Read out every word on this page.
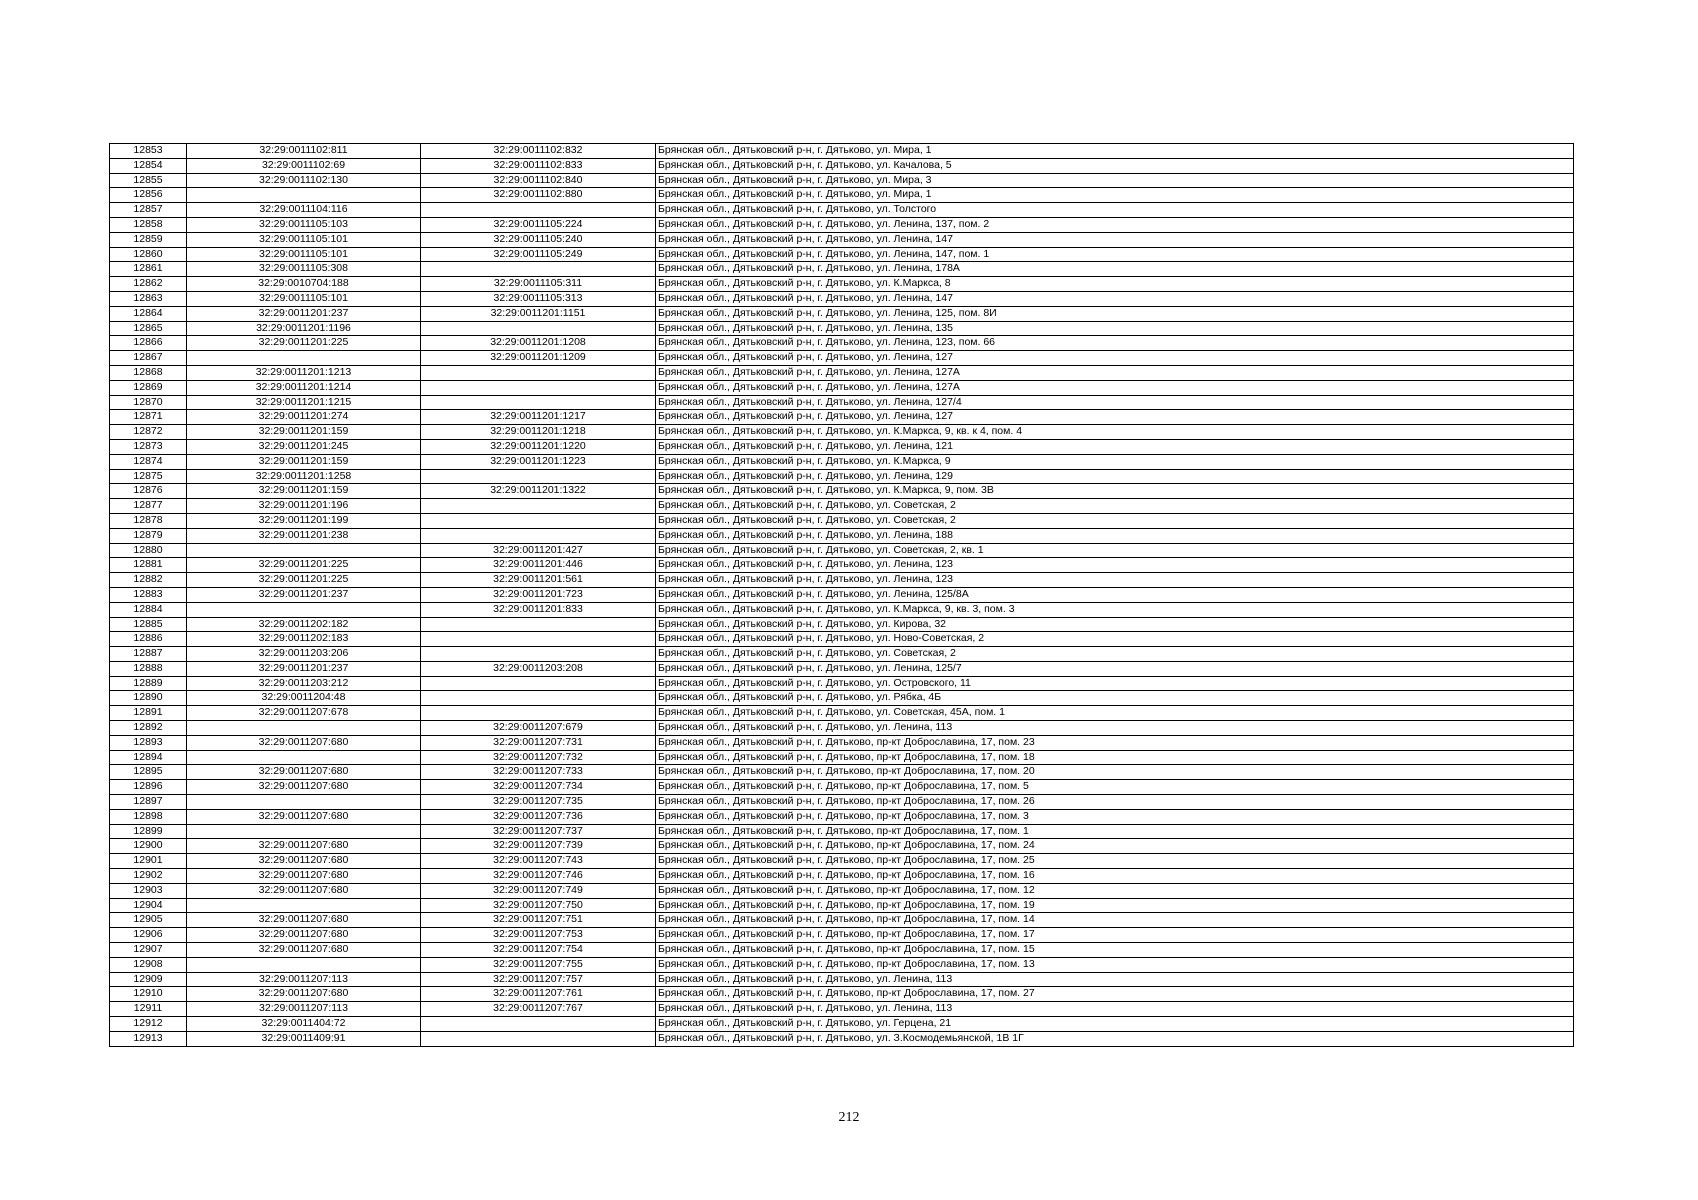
12853	32:29:0011102:811	32:29:0011102:832	Брянская обл., Дятьковский р-н, г. Дятьково, ул. Мира, 1
12854	32:29:0011102:69	32:29:0011102:833	Брянская обл., Дятьковский р-н, г. Дятьково, ул. Качалова, 5
12855	32:29:0011102:130	32:29:0011102:840	Брянская обл., Дятьковский р-н, г. Дятьково, ул. Мира, 3
12856		32:29:0011102:880	Брянская обл., Дятьковский р-н, г. Дятьково, ул. Мира, 1
12857	32:29:0011104:116		Брянская обл., Дятьковский р-н, г. Дятьково, ул. Толстого
12858	32:29:0011105:103	32:29:0011105:224	Брянская обл., Дятьковский р-н, г. Дятьково, ул. Ленина, 137, пом. 2
12859	32:29:0011105:101	32:29:0011105:240	Брянская обл., Дятьковский р-н, г. Дятьково, ул. Ленина, 147
12860	32:29:0011105:101	32:29:0011105:249	Брянская обл., Дятьковский р-н, г. Дятьково, ул. Ленина, 147, пом. 1
12861	32:29:0011105:308		Брянская обл., Дятьковский р-н, г. Дятьково, ул. Ленина, 178А
12862	32:29:0010704:188	32:29:0011105:311	Брянская обл., Дятьковский р-н, г. Дятьково, ул. К.Маркса, 8
12863	32:29:0011105:101	32:29:0011105:313	Брянская обл., Дятьковский р-н, г. Дятьково, ул. Ленина, 147
12864	32:29:0011201:237	32:29:0011201:1151	Брянская обл., Дятьковский р-н, г. Дятьково, ул. Ленина, 125, пом. 8И
12865	32:29:0011201:1196		Брянская обл., Дятьковский р-н, г. Дятьково, ул. Ленина, 135
12866	32:29:0011201:225	32:29:0011201:1208	Брянская обл., Дятьковский р-н, г. Дятьково, ул. Ленина, 123, пом. 66
12867		32:29:0011201:1209	Брянская обл., Дятьковский р-н, г. Дятьково, ул. Ленина, 127
12868	32:29:0011201:1213		Брянская обл., Дятьковский р-н, г. Дятьково, ул. Ленина, 127А
12869	32:29:0011201:1214		Брянская обл., Дятьковский р-н, г. Дятьково, ул. Ленина, 127А
12870	32:29:0011201:1215		Брянская обл., Дятьковский р-н, г. Дятьково, ул. Ленина, 127/4
12871	32:29:0011201:274	32:29:0011201:1217	Брянская обл., Дятьковский р-н, г. Дятьково, ул. Ленина, 127
12872	32:29:0011201:159	32:29:0011201:1218	Брянская обл., Дятьковский р-н, г. Дятьково, ул. К.Маркса, 9, кв. к 4, пом. 4
12873	32:29:0011201:245	32:29:0011201:1220	Брянская обл., Дятьковский р-н, г. Дятьково, ул. Ленина, 121
12874	32:29:0011201:159	32:29:0011201:1223	Брянская обл., Дятьковский р-н, г. Дятьково, ул. К.Маркса, 9
12875	32:29:0011201:1258		Брянская обл., Дятьковский р-н, г. Дятьково, ул. Ленина, 129
12876	32:29:0011201:159	32:29:0011201:1322	Брянская обл., Дятьковский р-н, г. Дятьково, ул. К.Маркса, 9, пом. 3В
12877	32:29:0011201:196		Брянская обл., Дятьковский р-н, г. Дятьково, ул. Советская, 2
12878	32:29:0011201:199		Брянская обл., Дятьковский р-н, г. Дятьково, ул. Советская, 2
12879	32:29:0011201:238		Брянская обл., Дятьковский р-н, г. Дятьково, ул. Ленина, 188
12880		32:29:0011201:427	Брянская обл., Дятьковский р-н, г. Дятьково, ул. Советская, 2, кв. 1
12881	32:29:0011201:225	32:29:0011201:446	Брянская обл., Дятьковский р-н, г. Дятьково, ул. Ленина, 123
12882	32:29:0011201:225	32:29:0011201:561	Брянская обл., Дятьковский р-н, г. Дятьково, ул. Ленина, 123
12883	32:29:0011201:237	32:29:0011201:723	Брянская обл., Дятьковский р-н, г. Дятьково, ул. Ленина, 125/8А
12884		32:29:0011201:833	Брянская обл., Дятьковский р-н, г. Дятьково, ул. К.Маркса, 9, кв. 3, пом. 3
12885	32:29:0011202:182		Брянская обл., Дятьковский р-н, г. Дятьково, ул. Кирова, 32
12886	32:29:0011202:183		Брянская обл., Дятьковский р-н, г. Дятьково, ул. Ново-Советская, 2
12887	32:29:0011203:206		Брянская обл., Дятьковский р-н, г. Дятьково, ул. Советская, 2
12888	32:29:0011201:237	32:29:0011203:208	Брянская обл., Дятьковский р-н, г. Дятьково, ул. Ленина, 125/7
12889	32:29:0011203:212		Брянская обл., Дятьковский р-н, г. Дятьково, ул. Островского, 11
12890	32:29:0011204:48		Брянская обл., Дятьковский р-н, г. Дятьково, ул. Рябка, 4Б
12891	32:29:0011207:678		Брянская обл., Дятьковский р-н, г. Дятьково, ул. Советская, 45А, пом. 1
12892		32:29:0011207:679	Брянская обл., Дятьковский р-н, г. Дятьково, ул. Ленина, 113
12893	32:29:0011207:680	32:29:0011207:731	Брянская обл., Дятьковский р-н, г. Дятьково, пр-кт Доброславина, 17, пом. 23
12894		32:29:0011207:732	Брянская обл., Дятьковский р-н, г. Дятьково, пр-кт Доброславина, 17, пом. 18
12895	32:29:0011207:680	32:29:0011207:733	Брянская обл., Дятьковский р-н, г. Дятьково, пр-кт Доброславина, 17, пом. 20
12896	32:29:0011207:680	32:29:0011207:734	Брянская обл., Дятьковский р-н, г. Дятьково, пр-кт Доброславина, 17, пом. 5
12897		32:29:0011207:735	Брянская обл., Дятьковский р-н, г. Дятьково, пр-кт Доброславина, 17, пом. 26
12898	32:29:0011207:680	32:29:0011207:736	Брянская обл., Дятьковский р-н, г. Дятьково, пр-кт Доброславина, 17, пом. 3
12899		32:29:0011207:737	Брянская обл., Дятьковский р-н, г. Дятьково, пр-кт Доброславина, 17, пом. 1
12900	32:29:0011207:680	32:29:0011207:739	Брянская обл., Дятьковский р-н, г. Дятьково, пр-кт Доброславина, 17, пом. 24
12901	32:29:0011207:680	32:29:0011207:743	Брянская обл., Дятьковский р-н, г. Дятьково, пр-кт Доброславина, 17, пом. 25
12902	32:29:0011207:680	32:29:0011207:746	Брянская обл., Дятьковский р-н, г. Дятьково, пр-кт Доброславина, 17, пом. 16
12903	32:29:0011207:680	32:29:0011207:749	Брянская обл., Дятьковский р-н, г. Дятьково, пр-кт Доброславина, 17, пом. 12
12904		32:29:0011207:750	Брянская обл., Дятьковский р-н, г. Дятьково, пр-кт Доброславина, 17, пом. 19
12905	32:29:0011207:680	32:29:0011207:751	Брянская обл., Дятьковский р-н, г. Дятьково, пр-кт Доброславина, 17, пом. 14
12906	32:29:0011207:680	32:29:0011207:753	Брянская обл., Дятьковский р-н, г. Дятьково, пр-кт Доброславина, 17, пом. 17
12907	32:29:0011207:680	32:29:0011207:754	Брянская обл., Дятьковский р-н, г. Дятьково, пр-кт Доброславина, 17, пом. 15
12908		32:29:0011207:755	Брянская обл., Дятьковский р-н, г. Дятьково, пр-кт Доброславина, 17, пом. 13
12909	32:29:0011207:113	32:29:0011207:757	Брянская обл., Дятьковский р-н, г. Дятьково, ул. Ленина, 113
12910	32:29:0011207:680	32:29:0011207:761	Брянская обл., Дятьковский р-н, г. Дятьково, пр-кт Доброславина, 17, пом. 27
12911	32:29:0011207:113	32:29:0011207:767	Брянская обл., Дятьковский р-н, г. Дятьково, ул. Ленина, 113
12912	32:29:0011404:72		Брянская обл., Дятьковский р-н, г. Дятьково, ул. Герцена, 21
12913	32:29:0011409:91		Брянская обл., Дятьковский р-н, г. Дятьково, ул. З.Космодемьянской, 1В 1Г
212
